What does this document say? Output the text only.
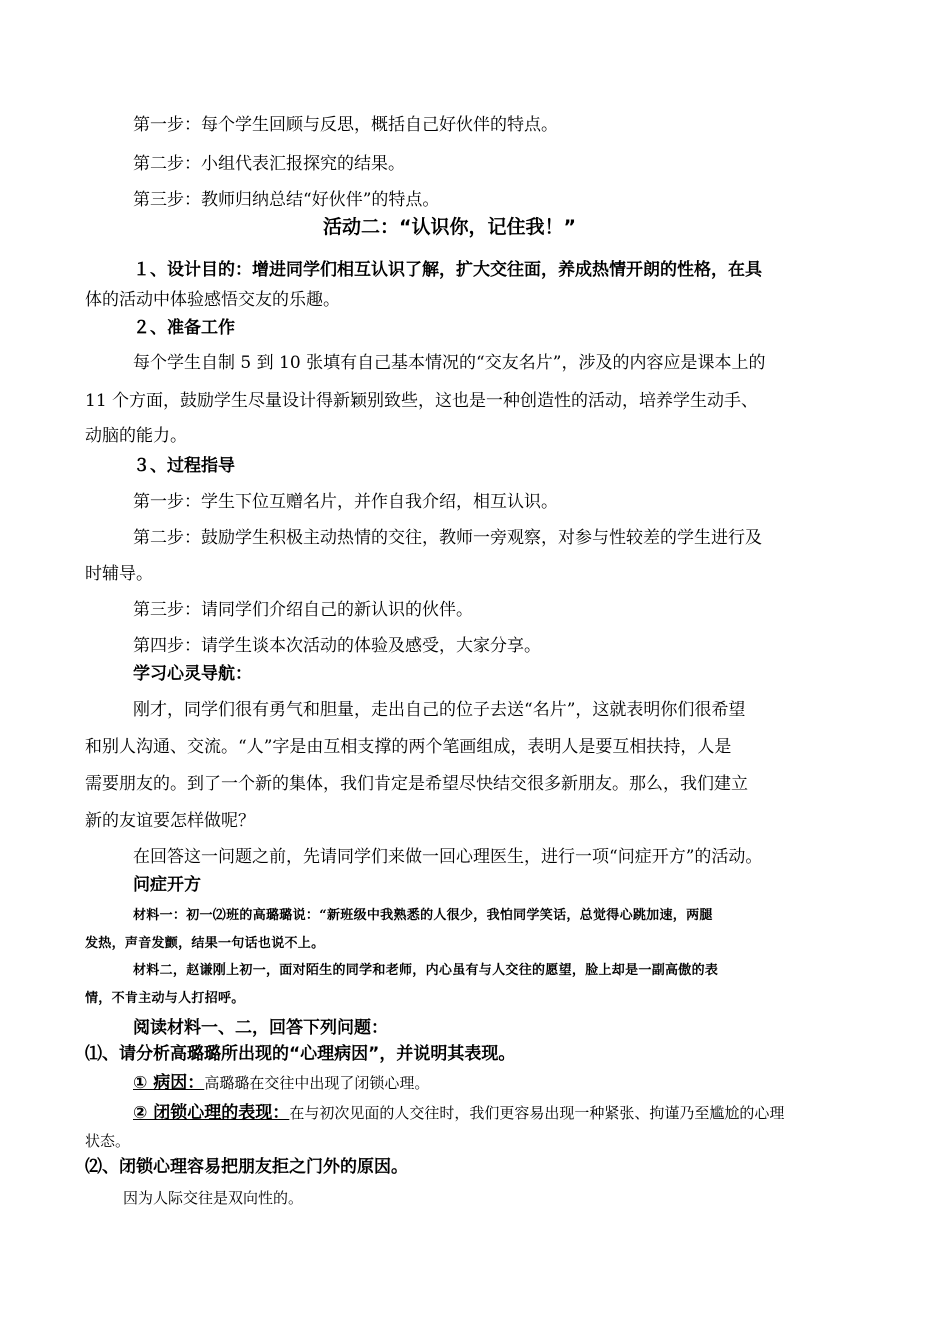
第一步：每个学生回顾与反思，概括自己好伙伴的特点。
第二步：小组代表汇报探究的结果。
第三步：教师归纳总结“好伙伴”的特点。
活动二：“认识你，记住我！”
１、设计目的：增进同学们相互认识了解，扩大交往面，养成热情开朗的性格，在具
体的活动中体验感悟交友的乐趣。
２、准备工作
每个学生自制 5 到 10 张填有自己基本情况的“交友名片”，涉及的内容应是课本上的
11 个方面，鼓励学生尽量设计得新颖别致些，这也是一种创造性的活动，培养学生动手、
动脑的能力。
３、过程指导
第一步：学生下位互赠名片，并作自我介绍，相互认识。
第二步：鼓励学生积极主动热情的交往，教师一旁观察，对参与性较差的学生进行及
时辅导。
第三步：请同学们介绍自己的新认识的伙伴。
第四步：请学生谈本次活动的体验及感受，大家分享。
学习心灵导航：
刚才，同学们很有勇气和胆量，走出自己的位子去送“名片”，这就表明你们很希望
和别人沟通、交流。“人”字是由互相支撑的两个笔画组成，表明人是要互相扶持，人是
需要朋友的。到了一个新的集体，我们肯定是希望尽快结交很多新朋友。那么，我们建立
新的友谊要怎样做呢？
在回答这一问题之前，先请同学们来做一回心理医生，进行一项“问症开方”的活动。
问症开方
材料一：初一⑵班的高璐璐说：“新班级中我熟悉的人很少，我怕同学笑话，总觉得心跳加速，两腿
发热，声音发颤，结果一句话也说不上。
材料二，赵谦刚上初一，面对陌生的同学和老师，内心虽有与人交往的愿望，脸上却是一副高傲的表
情，不肯主动与人打招呼。
阅读材料一、二，回答下列问题：
⑴、请分析高璐璐所出现的“心理病因”，并说明其表现。
① 病因：高璐璐在交往中出现了闭锁心理。
② 闭锁心理的表现：在与初次见面的人交往时，我们更容易出现一种紧张、拘谨乃至尴尬的心理
状态。
⑵、闭锁心理容易把朋友拒之门外的原因。
因为人际交往是双向性的。
